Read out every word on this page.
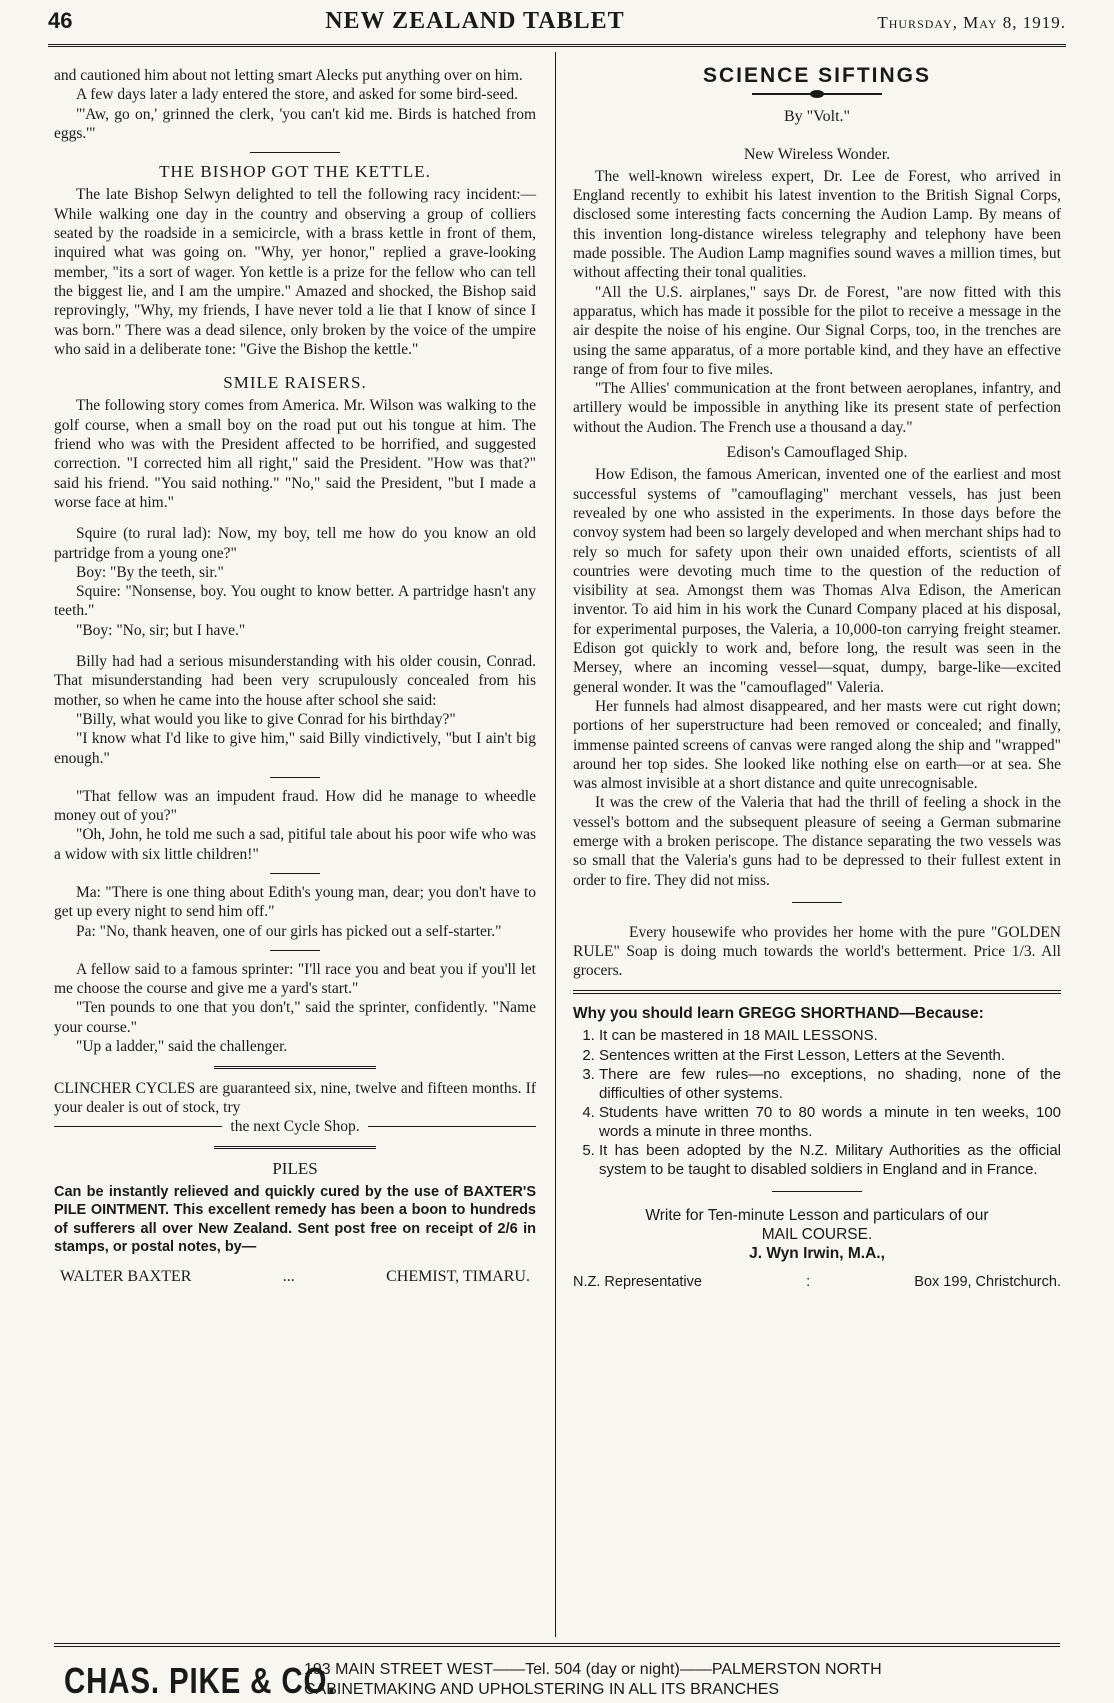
46	NEW ZEALAND TABLET	Thursday, May 8, 1919.

and cautioned him about not letting smart Alecks put anything over on him.

A few days later a lady entered the store, and asked for some bird-seed.

"'Aw, go on,' grinned the clerk, 'you can't kid me. Birds is hatched from eggs.'"

THE BISHOP GOT THE KETTLE.

The late Bishop Selwyn delighted to tell the following racy incident:—While walking one day in the country and observing a group of colliers seated by the roadside in a semicircle, with a brass kettle in front of them, inquired what was going on. "Why, yer honor," replied a grave-looking member, "its a sort of wager. Yon kettle is a prize for the fellow who can tell the biggest lie, and I am the umpire." Amazed and shocked, the Bishop said reprovingly, "Why, my friends, I have never told a lie that I know of since I was born." There was a dead silence, only broken by the voice of the umpire who said in a deliberate tone: "Give the Bishop the kettle."

SMILE RAISERS.

The following story comes from America. Mr. Wilson was walking to the golf course, when a small boy on the road put out his tongue at him. The friend who was with the President affected to be horrified, and suggested correction. "I corrected him all right," said the President. "How was that?" said his friend. "You said nothing." "No," said the President, "but I made a worse face at him."

Squire (to rural lad): Now, my boy, tell me how do you know an old partridge from a young one?"

Boy: "By the teeth, sir."

Squire: "Nonsense, boy. You ought to know better. A partridge hasn't any teeth."

"Boy: "No, sir; but I have."

Billy had had a serious misunderstanding with his older cousin, Conrad. That misunderstanding had been very scrupulously concealed from his mother, so when he came into the house after school she said:

"Billy, what would you like to give Conrad for his birthday?"

"I know what I'd like to give him," said Billy vindictively, "but I ain't big enough."

"That fellow was an impudent fraud. How did he manage to wheedle money out of you?"

"Oh, John, he told me such a sad, pitiful tale about his poor wife who was a widow with six little children!"

Ma: "There is one thing about Edith's young man, dear; you don't have to get up every night to send him off."

Pa: "No, thank heaven, one of our girls has picked out a self-starter."

A fellow said to a famous sprinter: "I'll race you and beat you if you'll let me choose the course and give me a yard's start."

"Ten pounds to one that you don't," said the sprinter, confidently. "Name your course."

"Up a ladder," said the challenger.

CLINCHER CYCLES are guaranteed six, nine, twelve and fifteen months. If your dealer is out of stock, try

the next Cycle Shop.
PILES

Can be instantly relieved and quickly cured by the use of BAXTER'S PILE OINTMENT. This excellent remedy has been a boon to hundreds of sufferers all over New Zealand. Sent post free on receipt of 2/6 in stamps, or postal notes, by—

WALTER BAXTER	...	CHEMIST, TIMARU.
SCIENCE SIFTINGS
By "Volt."
New Wireless Wonder.

The well-known wireless expert, Dr. Lee de Forest, who arrived in England recently to exhibit his latest invention to the British Signal Corps, disclosed some interesting facts concerning the Audion Lamp. By means of this invention long-distance wireless telegraphy and telephony have been made possible. The Audion Lamp magnifies sound waves a million times, but without affecting their tonal qualities.

"All the U.S. airplanes," says Dr. de Forest, "are now fitted with this apparatus, which has made it possible for the pilot to receive a message in the air despite the noise of his engine. Our Signal Corps, too, in the trenches are using the same apparatus, of a more portable kind, and they have an effective range of from four to five miles.

"The Allies' communication at the front between aeroplanes, infantry, and artillery would be impossible in anything like its present state of perfection without the Audion. The French use a thousand a day."

Edison's Camouflaged Ship.

How Edison, the famous American, invented one of the earliest and most successful systems of "camouflaging" merchant vessels, has just been revealed by one who assisted in the experiments. In those days before the convoy system had been so largely developed and when merchant ships had to rely so much for safety upon their own unaided efforts, scientists of all countries were devoting much time to the question of the reduction of visibility at sea. Amongst them was Thomas Alva Edison, the American inventor. To aid him in his work the Cunard Company placed at his disposal, for experimental purposes, the Valeria, a 10,000-ton carrying freight steamer. Edison got quickly to work and, before long, the result was seen in the Mersey, where an incoming vessel—squat, dumpy, barge-like—excited general wonder. It was the "camouflaged" Valeria.

Her funnels had almost disappeared, and her masts were cut right down; portions of her superstructure had been removed or concealed; and finally, immense painted screens of canvas were ranged along the ship and "wrapped" around her top sides. She looked like nothing else on earth—or at sea. She was almost invisible at a short distance and quite unrecognisable.

It was the crew of the Valeria that had the thrill of feeling a shock in the vessel's bottom and the subsequent pleasure of seeing a German submarine emerge with a broken periscope. The distance separating the two vessels was so small that the Valeria's guns had to be depressed to their fullest extent in order to fire. They did not miss.

Every housewife who provides her home with the pure "GOLDEN RULE" Soap is doing much towards the world's betterment. Price 1/3. All grocers.

Why you should learn GREGG SHORTHAND—Because:
1. It can be mastered in 18 MAIL LESSONS.
2. Sentences written at the First Lesson, Letters at the Seventh.
3. There are few rules—no exceptions, no shading, none of the difficulties of other systems.
4. Students have written 70 to 80 words a minute in ten weeks, 100 words a minute in three months.
5. It has been adopted by the N.Z. Military Authorities as the official system to be taught to disabled soldiers in England and in France.
Write for Ten-minute Lesson and particulars of our
MAIL COURSE.
J. Wyn Irwin, M.A.,
N.Z. Representative	:	Box 199, Christchurch.
CHAS. PIKE & CO.
193 MAIN STREET WEST——Tel. 504 (day or night)——PALMERSTON NORTH
CABINETMAKING AND UPHOLSTERING IN ALL ITS BRANCHES
